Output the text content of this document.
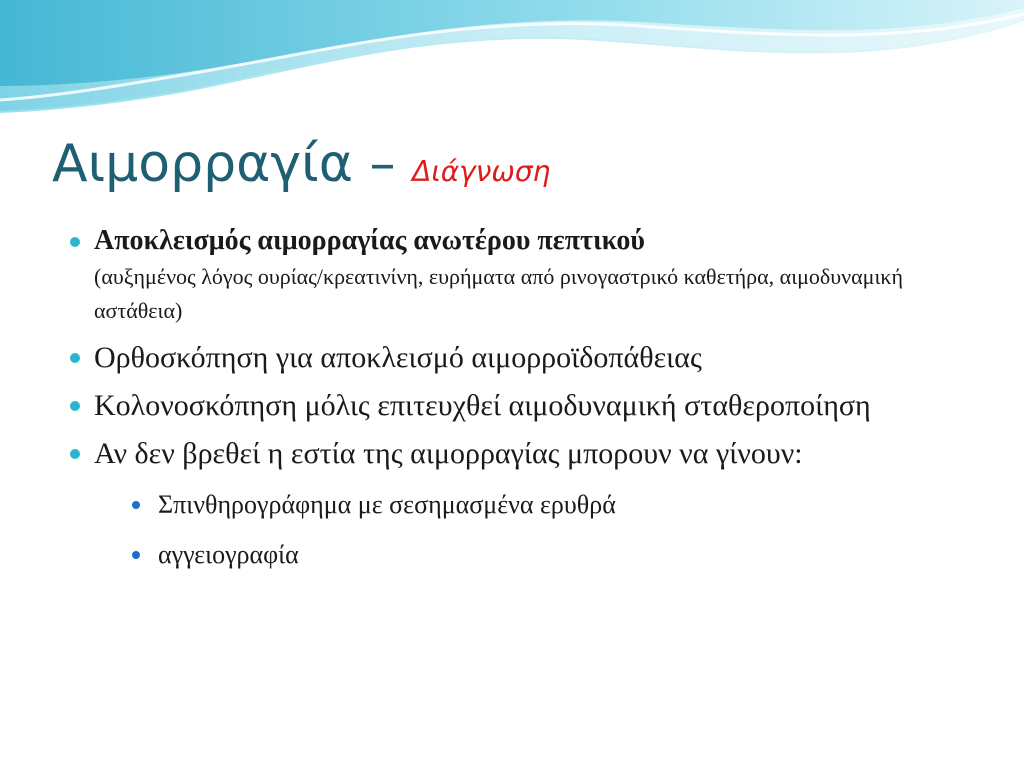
Αιμορραγία – Διάγνωση
Αποκλεισμός αιμορραγίας ανωτέρου πεπτικού
(αυξημένος λόγος ουρίας/κρεατινίνη, ευρήματα από ρινογαστρικό καθετήρα, αιμοδυναμική αστάθεια)
Ορθοσκόπηση για αποκλεισμό αιμορροϊδοπάθειας
Κολονοσκόπηση μόλις επιτευχθεί αιμοδυναμική σταθεροποίηση
Αν δεν βρεθεί η εστία της αιμορραγίας μπορουν να γίνουν:
Σπινθηρογράφημα με σεσημασμένα ερυθρά
αγγειογραφία
